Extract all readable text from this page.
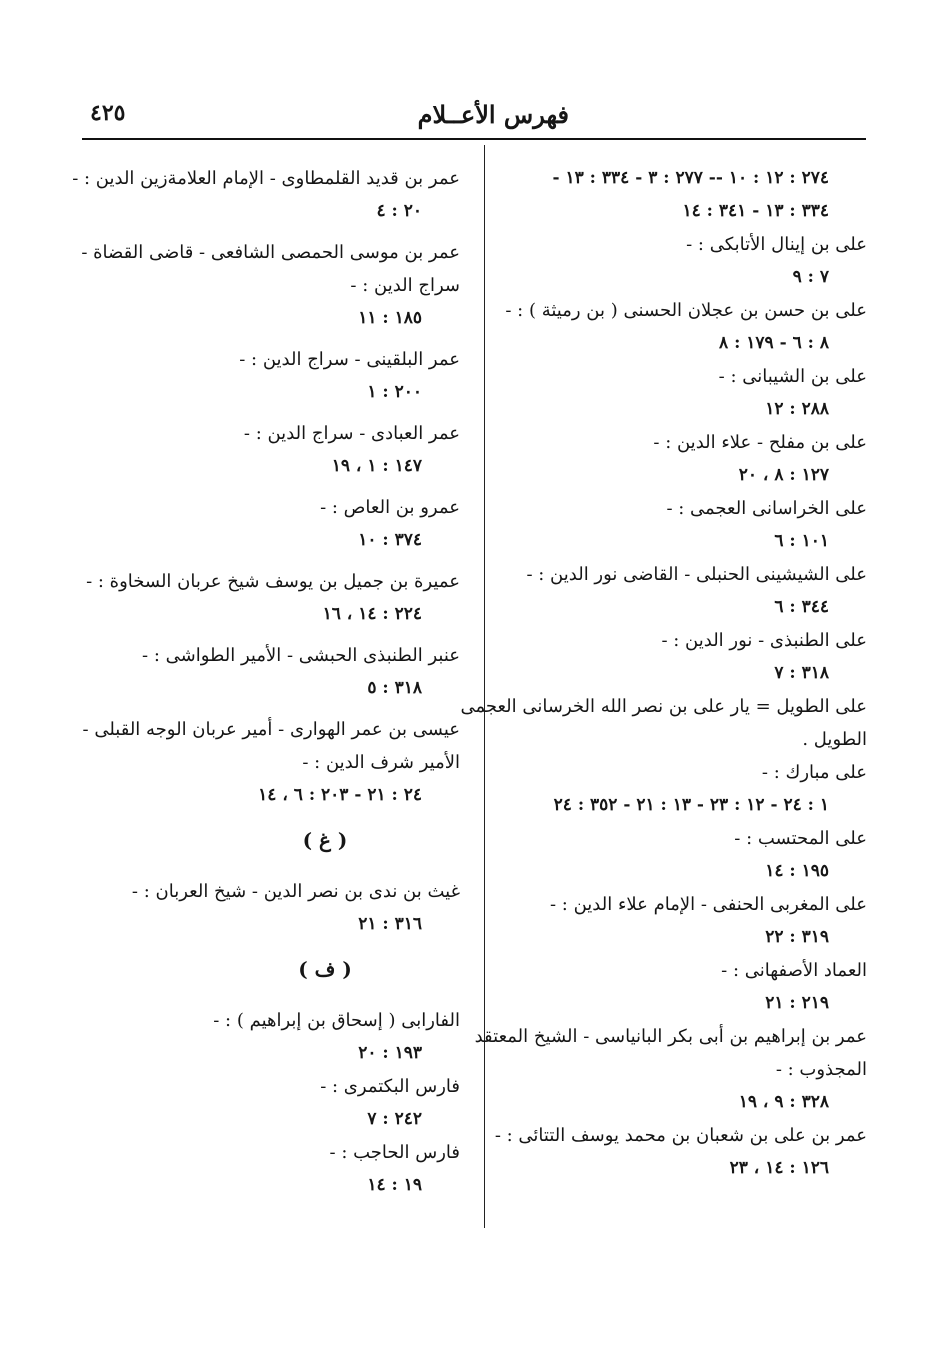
فهرس الأعــلام
٤٢٥
٢٧٤ : ١٢ : ١٠ -- ٢٧٧ : ٣ - ٣٣٤ : ١٣ -
٣٣٤ : ١٣ - ٣٤١ : ١٤
على بن إينال الأتابكى : -
٧ : ٩
على بن حسن بن عجلان الحسنى ( بن رميثة ) : -
٨ : ٦ - ١٧٩ : ٨
على بن الشيبانى : -
٢٨٨ : ١٢
على بن مفلح - علاء الدين : -
١٢٧ : ٨ ، ٢٠
على الخراسانى العجمى : -
١٠١ : ٦
على الشيشينى الحنبلى - القاضى نور الدين : -
٣٤٤ : ٦
على الطنبذى - نور الدين : -
٣١٨ : ٧
على الطويل = يار على بن نصر الله الخرسانى العجمى
الطويل .
على مبارك : -
١ : ٢٤ - ١٢ : ٢٣ - ١٣ : ٢١ - ٣٥٢ : ٢٤
على المحتسب : -
١٩٥ : ١٤
على المغربى الحنفى - الإمام علاء الدين : -
٣١٩ : ٢٢
العماد الأصفهانى : -
٢١٩ : ٢١
عمر بن إبراهيم بن أبى بكر البانياسى - الشيخ المعتقد
المجذوب : -
٣٢٨ : ٩ ، ١٩
عمر بن على بن شعبان بن محمد يوسف التتائى : -
١٢٦ : ١٤ ، ٢٣
عمر بن قديد القلمطاوى - الإمام العلامةزين الدين : -
٢٠ : ٤
عمر بن موسى الحمصى الشافعى - قاضى القضاة -
سراج الدين : -
١٨٥ : ١١
عمر البلقينى - سراج الدين : -
٢٠٠ : ١
عمر العبادى - سراج الدين : -
١٤٧ : ١ ، ١٩
عمرو بن العاص : -
٣٧٤ : ١٠
عميرة بن جميل بن يوسف شيخ عربان السخاوة : -
٢٢٤ : ١٤ ، ١٦
عنبر الطنبذى الحبشى - الأمير الطواشى : -
٣١٨ : ٥
عيسى بن عمر الهوارى - أمير عربان الوجه القبلى -
الأمير شرف الدين : -
٢٤ : ٢١ - ٢٠٣ : ٦ ، ١٤
( غ )
غيث بن ندى بن نصر الدين - شيخ العربان : -
٣١٦ : ٢١
( ف )
الفارابى ( إسحاق بن إبراهيم ) : -
١٩٣ : ٢٠
فارس البكتمرى : -
٢٤٢ : ٧
فارس الحاجب : -
١٩ : ١٤
